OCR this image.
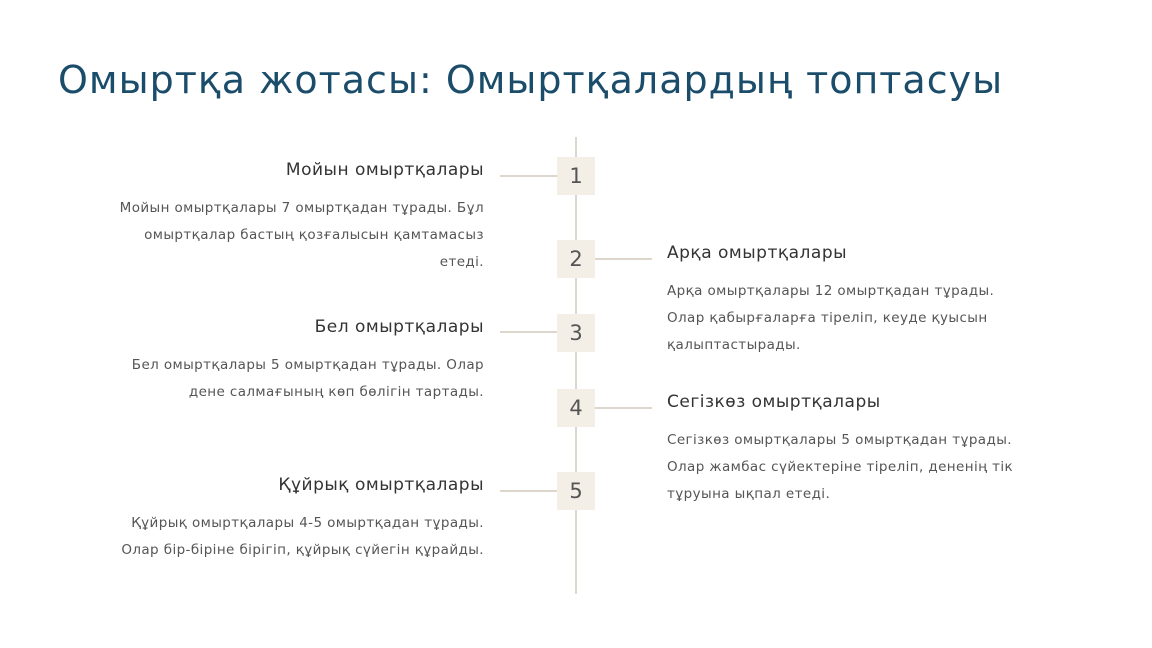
Омыртқа жотасы: Омыртқалардың топтасуы
1
Мойын омыртқалары
Мойын омыртқалары 7 омыртқадан тұрады. Бұл
омыртқалар бастың қозғалысын қамтамасыз
етеді.	2	Арқа омыртқалары
Арқа омыртқалары 12 омыртқадан тұрады.
Олар қабырғаларға тіреліп, кеуде қуысын
қалыптастырады.
3
Бел омыртқалары
Бел омыртқалары 5 омыртқадан тұрады. Олар
дене салмағының көп бөлігін тартады.
4	Сегізкөз омыртқалары
Сегізкөз омыртқалары 5 омыртқадан тұрады.
Олар жамбас сүйектеріне тіреліп, дененің тік
тұруына ықпал етеді.
5
Құйрық омыртқалары
Құйрық омыртқалары 4-5 омыртқадан тұрады.
Олар бір-біріне бірігіп, құйрық сүйегін құрайды.
